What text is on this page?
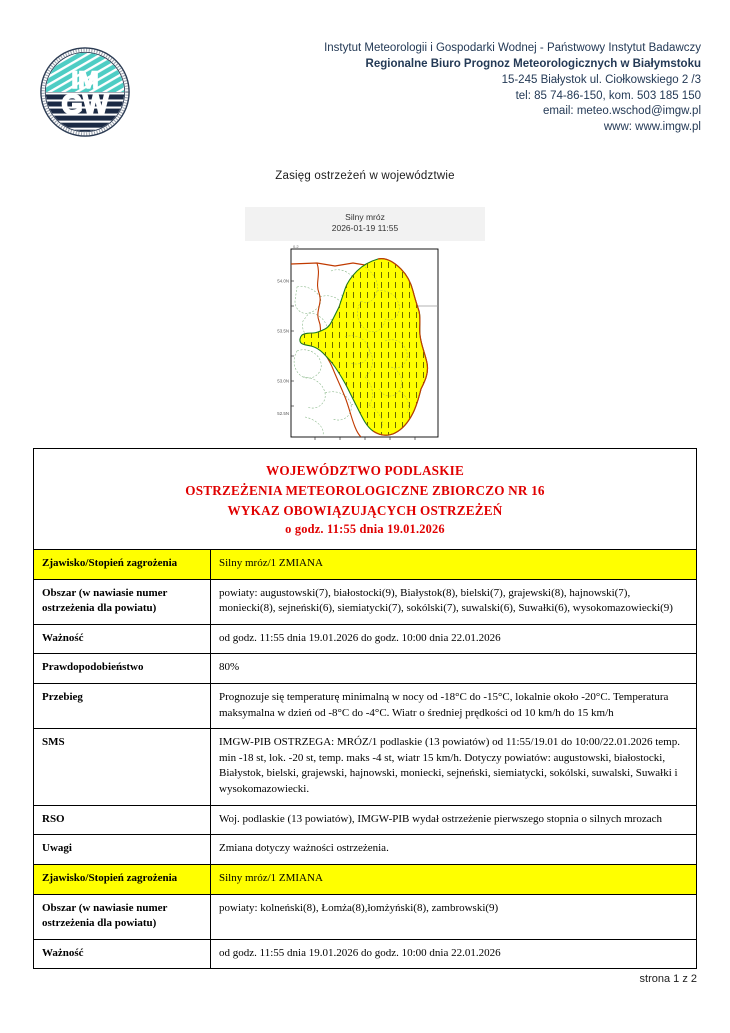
IM
GW
Instytut Meteorologii i Gospodarki Wodnej - Państwowy Instytut Badawczy
Regionalne Biuro Prognoz Meteorologicznych w Białymstoku
15-245 Białystok ul. Ciołkowskiego 2 /3
tel: 85 74-86-150, kom. 503 185 150
email: meteo.wschod@imgw.pl
www: www.imgw.pl
Zasięg ostrzeżeń w województwie
Silny mróz
2026-01-19 11:55
54.0N
53.5N
53.0N
52.5N
0.2
WOJEWÓDZTWO PODLASKIE
OSTRZEŻENIA METEOROLOGICZNE ZBIORCZO NR 16
WYKAZ OBOWIĄZUJĄCYCH OSTRZEŻEŃ
o godz. 11:55 dnia 19.01.2026	

Zjawisko/Stopień zagrożenia	Silny mróz/1 ZMIANA
Obszar (w nawiasie numer ostrzeżenia dla powiatu)	powiaty: augustowski(7), białostocki(9), Białystok(8), bielski(7), grajewski(8), hajnowski(7), moniecki(8), sejneński(6), siemiatycki(7), sokólski(7), suwalski(6), Suwałki(6), wysokomazowiecki(9)
Ważność	od godz. 11:55 dnia 19.01.2026 do godz. 10:00 dnia 22.01.2026
Prawdopodobieństwo	80%
Przebieg	Prognozuje się temperaturę minimalną w nocy od -18°C do -15°C, lokalnie około -20°C. Temperatura maksymalna w dzień od -8°C do -4°C. Wiatr o średniej prędkości od 10 km/h do 15 km/h
SMS	IMGW-PIB OSTRZEGA: MRÓZ/1 podlaskie (13 powiatów) od 11:55/19.01 do 10:00/22.01.2026 temp. min -18 st, lok. -20 st, temp. maks -4 st, wiatr 15 km/h. Dotyczy powiatów: augustowski, białostocki, Białystok, bielski, grajewski, hajnowski, moniecki, sejneński, siemiatycki, sokólski, suwalski, Suwałki i wysokomazowiecki.
RSO	Woj. podlaskie (13 powiatów), IMGW-PIB wydał ostrzeżenie pierwszego stopnia o silnych mrozach
Uwagi	Zmiana dotyczy ważności ostrzeżenia.
Zjawisko/Stopień zagrożenia	Silny mróz/1 ZMIANA
Obszar (w nawiasie numer ostrzeżenia dla powiatu)	powiaty: kolneński(8), Łomża(8),łomżyński(8), zambrowski(9)
Ważność	od godz. 11:55 dnia 19.01.2026 do godz. 10:00 dnia 22.01.2026
strona 1 z 2
